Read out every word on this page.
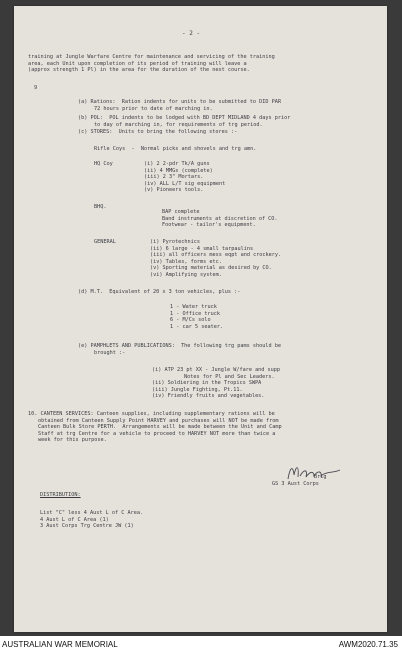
- 2 -
training at Jungle Warfare Centre for maintenance and servicing of the training
area, each Unit upon completion of its period of training will leave a
(approx strength 1 Pl) in the area for the duration of the next course.
9
(a) Rations:  Ration indents for units to be submitted to DID PAR
72 hours prior to date of marching in.
(b) POL:  POL indents to be lodged with BD DEPT MIDLAND 4 days prior
to day of marching in, for requirements of trg period.
(c) STORES:  Units to bring the following stores :-
Rifle Coys  -  Normal picks and shovels and trg amn.
HQ Coy	(i) 2 2-pdr Tk/A guns
(ii) 4 MMGs (complete)
(iii) 2 3" Mortars.
(iv) ALL L/T sig equipment
(v) Pioneers tools.
BHQ.
BAP complete
Band instruments at discretion of CO.
Footwear - tailor's equipment.
GENERAL	(i) Pyrotechnics
(ii) 6 large - 4 small tarpaulins
(iii) all officers mess eqpt and crockery.
(iv) Tables, forms etc.
(v) Sporting material as desired by CO.
(vi) Amplifying system.
(d) M.T.  Equivalent of 20 x 3 ton vehicles, plus :-
1 - Water truck
1 - Office truck
6 - M/Cs solo
1 - car 5 seater.
(e) PAMPHLETS AND PUBLICATIONS:  The following trg pams should be
brought :-
(i) ATP 23 pt XX - Jungle W/fare and supp
Notes for Pl and Sec Leaders.
(ii) Soldiering in the Tropics SWPA
(iii) Jungle Fighting, Pt.11.
(iv) Friendly fruits and vegetables.
10. CANTEEN SERVICES: Canteen supplies, including supplementary rations will be
obtained from Canteen Supply Point HARVEY and purchases will NOT be made from
Canteen Bulk Store PERTH.  Arrangements will be made between the Unit and Camp
Staff at trg Centre for a vehicle to proceed to HARVEY NOT more than twice a
week for this purpose.
Brig
GS 3 Aust Corps
DISTRIBUTION:
List "C" less 4 Aust L of C Area.
4 Aust L of C Area (1)
3 Aust Corps Trg Centre JW (1)
AUSTRALIAN WAR MEMORIAL	AWM2020.71.35
